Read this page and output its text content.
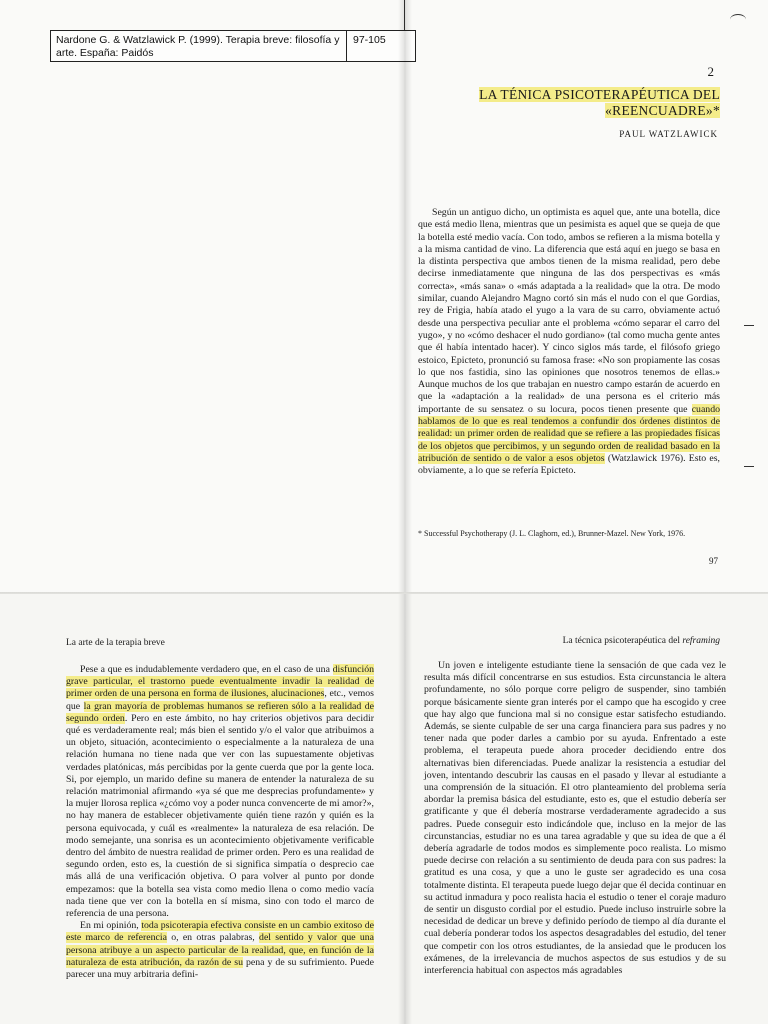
Nardone G. & Watzlawick P. (1999). Terapia breve: filosofía y
arte. España: Paidós
97-105
2
LA TÉNICA PSICOTERAPÉUTICA DEL
«REENCUADRE»*
PAUL WATZLAWICK

Según un antiguo dicho, un optimista es aquel que, ante una botella, dice que está medio llena, mientras que un pesimista es aquel que se queja de que la botella esté medio vacía. Con todo, ambos se refieren a la misma botella y a la misma cantidad de vino. La diferencia que está aquí en juego se basa en la distinta perspectiva que ambos tienen de la misma realidad, pero debe decirse inmediatamente que ninguna de las dos perspectivas es «más correcta», «más sana» o «más adaptada a la realidad» que la otra. De modo similar, cuando Alejandro Magno cortó sin más el nudo con el que Gordias, rey de Frigia, había atado el yugo a la vara de su carro, obviamente actuó desde una perspectiva peculiar ante el problema «cómo separar el carro del yugo», y no «cómo deshacer el nudo gordiano» (tal como mucha gente antes que él había intentado hacer). Y cinco siglos más tarde, el filósofo griego estoico, Epicteto, pronunció su famosa frase: «No son propiamente las cosas lo que nos fastidia, sino las opiniones que nosotros tenemos de ellas.» Aunque muchos de los que trabajan en nuestro campo estarán de acuerdo en que la «adaptación a la realidad» de una persona es el criterio más importante de su sensatez o su locura, pocos tienen presente que cuando hablamos de lo que es real tendemos a confundir dos órdenes distintos de realidad: un primer orden de realidad que se refiere a las propiedades físicas de los objetos que percibimos, y un segundo orden de realidad basado en la atribución de sentido o de valor a esos objetos (Watzlawick 1976). Esto es, obviamente, a lo que se refería Epicteto.

* Successful Psychotherapy (J. L. Claghorn, ed.), Brunner-Mazel. New York, 1976.
97
La arte de la terapia breve	La técnica psicoterapéutica del reframing

Pese a que es indudablemente verdadero que, en el caso de una disfunción grave particular, el trastorno puede eventualmente invadir la realidad de primer orden de una persona en forma de ilusiones, alucinaciones, etc., vemos que la gran mayoría de problemas humanos se refieren sólo a la realidad de segundo orden. Pero en este ámbito, no hay criterios objetivos para decidir qué es verdaderamente real; más bien el sentido y/o el valor que atribuimos a un objeto, situación, acontecimiento o especialmente a la naturaleza de una relación humana no tiene nada que ver con las supuestamente objetivas verdades platónicas, más percibidas por la gente cuerda que por la gente loca. Si, por ejemplo, un marido define su manera de entender la naturaleza de su relación matrimonial afirmando «ya sé que me desprecias profundamente» y la mujer llorosa replica «¿cómo voy a poder nunca convencerte de mi amor?», no hay manera de establecer objetivamente quién tiene razón y quién es la persona equivocada, y cuál es «realmente» la naturaleza de esa relación. De modo semejante, una sonrisa es un acontecimiento objetivamente verificable dentro del ámbito de nuestra realidad de primer orden. Pero es una realidad de segundo orden, esto es, la cuestión de si significa simpatía o desprecio cae más allá de una verificación objetiva. O para volver al punto por donde empezamos: que la botella sea vista como medio llena o como medio vacía nada tiene que ver con la botella en sí misma, sino con todo el marco de referencia de una persona.

En mi opinión, toda psicoterapia efectiva consiste en un cambio exitoso de este marco de referencia o, en otras palabras, del sentido y valor que una persona atribuye a un aspecto particular de la realidad, que, en función de la naturaleza de esta atribución, da razón de su pena y de su sufrimiento. Puede parecer una muy arbitraria defini-

Un joven e inteligente estudiante tiene la sensación de que cada vez le resulta más difícil concentrarse en sus estudios. Esta circunstancia le altera profundamente, no sólo porque corre peligro de suspender, sino también porque básicamente siente gran interés por el campo que ha escogido y cree que hay algo que funciona mal si no consigue estar satisfecho estudiando. Además, se siente culpable de ser una carga financiera para sus padres y no tener nada que poder darles a cambio por su ayuda. Enfrentado a este problema, el terapeuta puede ahora proceder decidiendo entre dos alternativas bien diferenciadas. Puede analizar la resistencia a estudiar del joven, intentando descubrir las causas en el pasado y llevar al estudiante a una comprensión de la situación. El otro planteamiento del problema sería abordar la premisa básica del estudiante, esto es, que el estudio debería ser gratificante y que él debería mostrarse verdaderamente agradecido a sus padres. Puede conseguir esto indicándole que, incluso en la mejor de las circunstancias, estudiar no es una tarea agradable y que su idea de que a él debería agradarle de todos modos es simplemente poco realista. Lo mismo puede decirse con relación a su sentimiento de deuda para con sus padres: la gratitud es una cosa, y que a uno le guste ser agradecido es una cosa totalmente distinta. El terapeuta puede luego dejar que él decida continuar en su actitud inmadura y poco realista hacia el estudio o tener el coraje maduro de sentir un disgusto cordial por el estudio. Puede incluso instruirle sobre la necesidad de dedicar un breve y definido período de tiempo al día durante el cual debería ponderar todos los aspectos desagradables del estudio, del tener que competir con los otros estudiantes, de la ansiedad que le producen los exámenes, de la irrelevancia de muchos aspectos de sus estudios y de su interferencia habitual con aspectos más agradables
